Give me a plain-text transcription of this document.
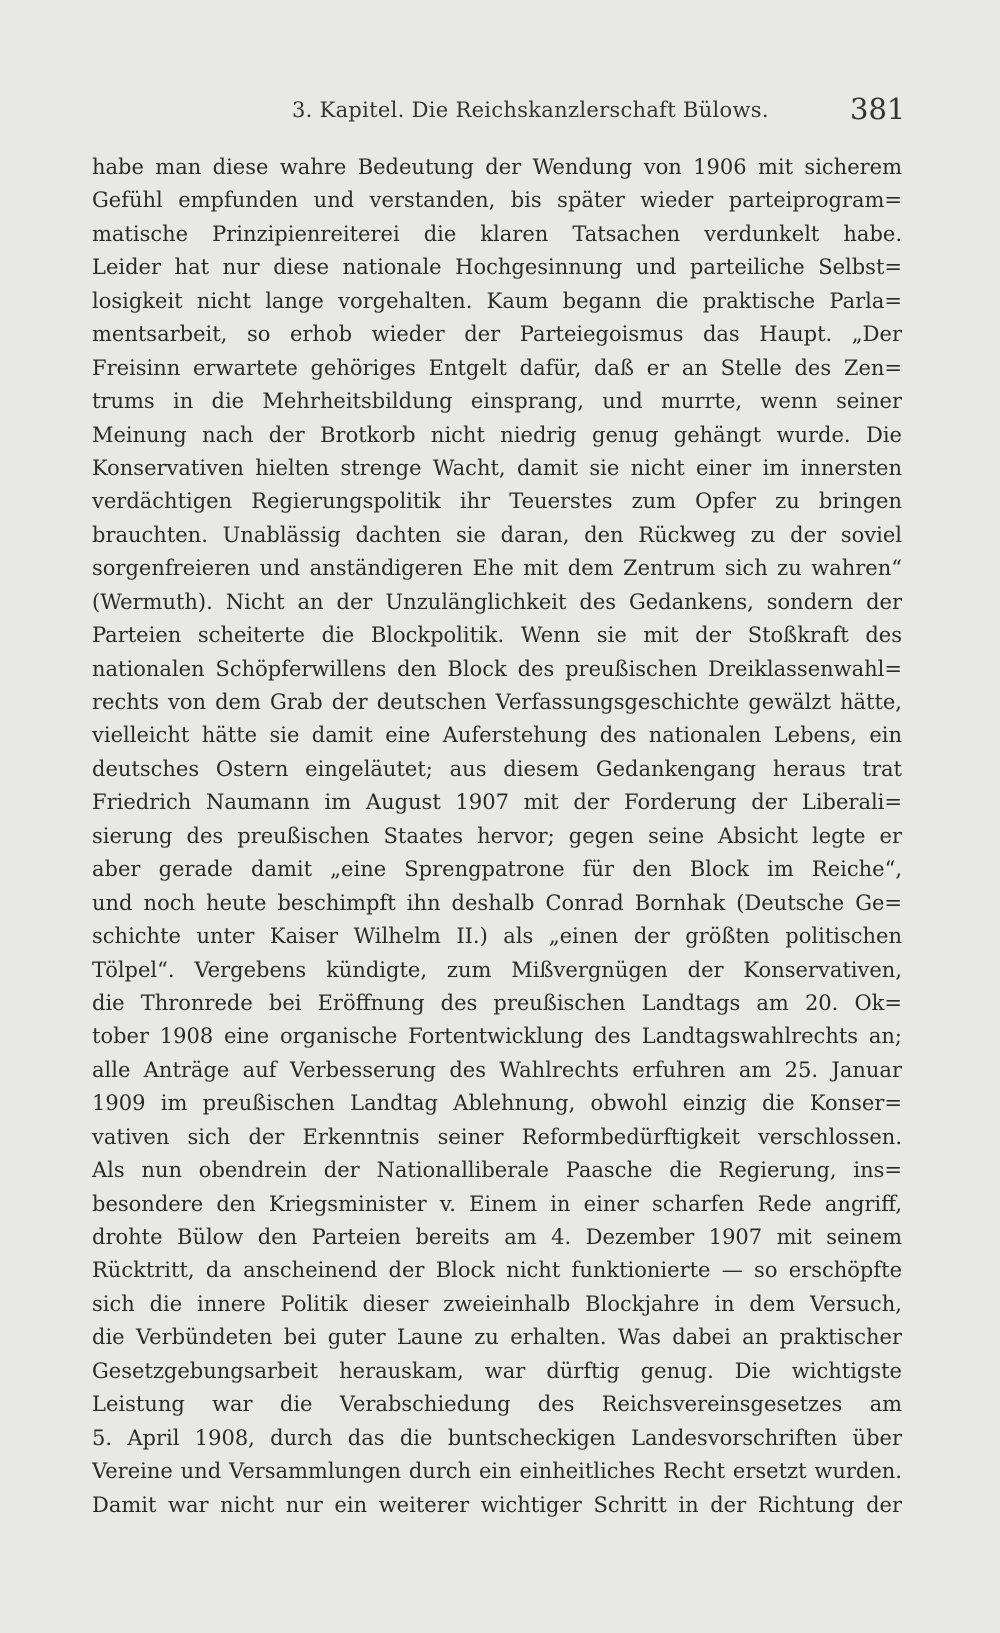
3. Kapitel. Die Reichskanzlerschaft Bülows.	381
habe man diese wahre Bedeutung der Wendung von 1906 mit sicherem
Gefühl empfunden und verstanden, bis später wieder parteiprogram=
matische Prinzipienreiterei die klaren Tatsachen verdunkelt habe.
Leider hat nur diese nationale Hochgesinnung und parteiliche Selbst=
losigkeit nicht lange vorgehalten. Kaum begann die praktische Parla=
mentsarbeit, so erhob wieder der Parteiegoismus das Haupt. „Der
Freisinn erwartete gehöriges Entgelt dafür, daß er an Stelle des Zen=
trums in die Mehrheitsbildung einsprang, und murrte, wenn seiner
Meinung nach der Brotkorb nicht niedrig genug gehängt wurde. Die
Konservativen hielten strenge Wacht, damit sie nicht einer im innersten
verdächtigen Regierungspolitik ihr Teuerstes zum Opfer zu bringen
brauchten. Unablässig dachten sie daran, den Rückweg zu der soviel
sorgenfreieren und anständigeren Ehe mit dem Zentrum sich zu wahren“
(Wermuth). Nicht an der Unzulänglichkeit des Gedankens, sondern der
Parteien scheiterte die Blockpolitik. Wenn sie mit der Stoßkraft des
nationalen Schöpferwillens den Block des preußischen Dreiklassenwahl=
rechts von dem Grab der deutschen Verfassungsgeschichte gewälzt hätte,
vielleicht hätte sie damit eine Auferstehung des nationalen Lebens, ein
deutsches Ostern eingeläutet; aus diesem Gedankengang heraus trat
Friedrich Naumann im August 1907 mit der Forderung der Liberali=
sierung des preußischen Staates hervor; gegen seine Absicht legte er
aber gerade damit „eine Sprengpatrone für den Block im Reiche“,
und noch heute beschimpft ihn deshalb Conrad Bornhak (Deutsche Ge=
schichte unter Kaiser Wilhelm II.) als „einen der größten politischen
Tölpel“. Vergebens kündigte, zum Mißvergnügen der Konservativen,
die Thronrede bei Eröffnung des preußischen Landtags am 20. Ok=
tober 1908 eine organische Fortentwicklung des Landtagswahlrechts an;
alle Anträge auf Verbesserung des Wahlrechts erfuhren am 25. Januar
1909 im preußischen Landtag Ablehnung, obwohl einzig die Konser=
vativen sich der Erkenntnis seiner Reformbedürftigkeit verschlossen.
Als nun obendrein der Nationalliberale Paasche die Regierung, ins=
besondere den Kriegsminister v. Einem in einer scharfen Rede angriff,
drohte Bülow den Parteien bereits am 4. Dezember 1907 mit seinem
Rücktritt, da anscheinend der Block nicht funktionierte — so erschöpfte
sich die innere Politik dieser zweieinhalb Blockjahre in dem Versuch,
die Verbündeten bei guter Laune zu erhalten. Was dabei an praktischer
Gesetzgebungsarbeit herauskam, war dürftig genug. Die wichtigste
Leistung war die Verabschiedung des Reichsvereinsgesetzes am
5. April 1908, durch das die buntscheckigen Landesvorschriften über
Vereine und Versammlungen durch ein einheitliches Recht ersetzt wurden.
Damit war nicht nur ein weiterer wichtiger Schritt in der Richtung der
